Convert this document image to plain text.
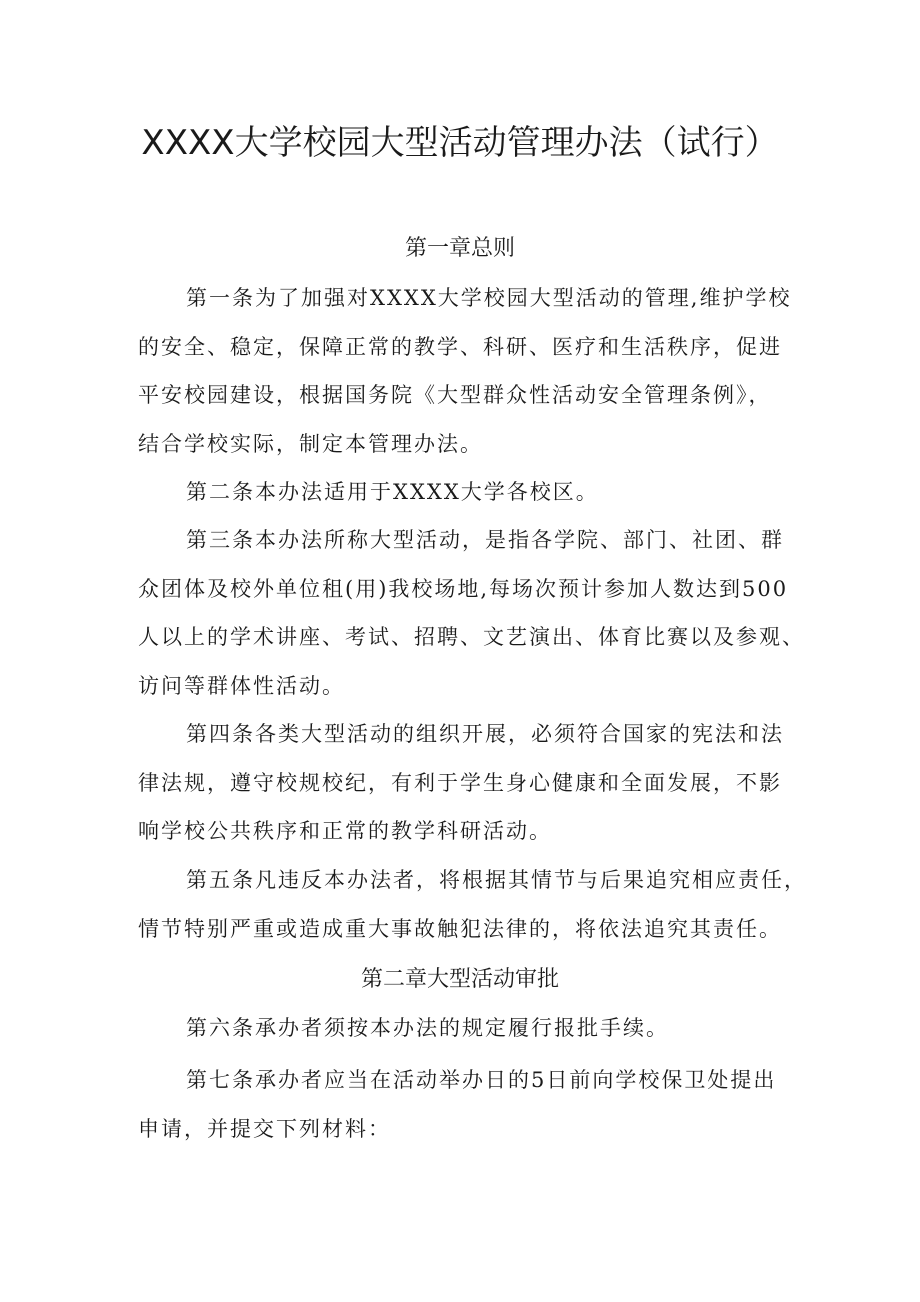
XXXX大学校园大型活动管理办法（试行）
第一章总则

第一条为了加强对XXXX大学校园大型活动的管理,维护学校
的安全、稳定，保障正常的教学、科研、医疗和生活秩序，促进
平安校园建设，根据国务院《大型群众性活动安全管理条例》，
结合学校实际，制定本管理办法。

第二条本办法适用于XXXX大学各校区。

第三条本办法所称大型活动，是指各学院、部门、社团、群
众团体及校外单位租(用)我校场地,每场次预计参加人数达到500
人以上的学术讲座、考试、招聘、文艺演出、体育比赛以及参观、
访问等群体性活动。

第四条各类大型活动的组织开展，必须符合国家的宪法和法
律法规，遵守校规校纪，有利于学生身心健康和全面发展，不影
响学校公共秩序和正常的教学科研活动。

第五条凡违反本办法者，将根据其情节与后果追究相应责任，
情节特别严重或造成重大事故触犯法律的，将依法追究其责任。

第二章大型活动审批

第六条承办者须按本办法的规定履行报批手续。

第七条承办者应当在活动举办日的5日前向学校保卫处提出
申请，并提交下列材料：
